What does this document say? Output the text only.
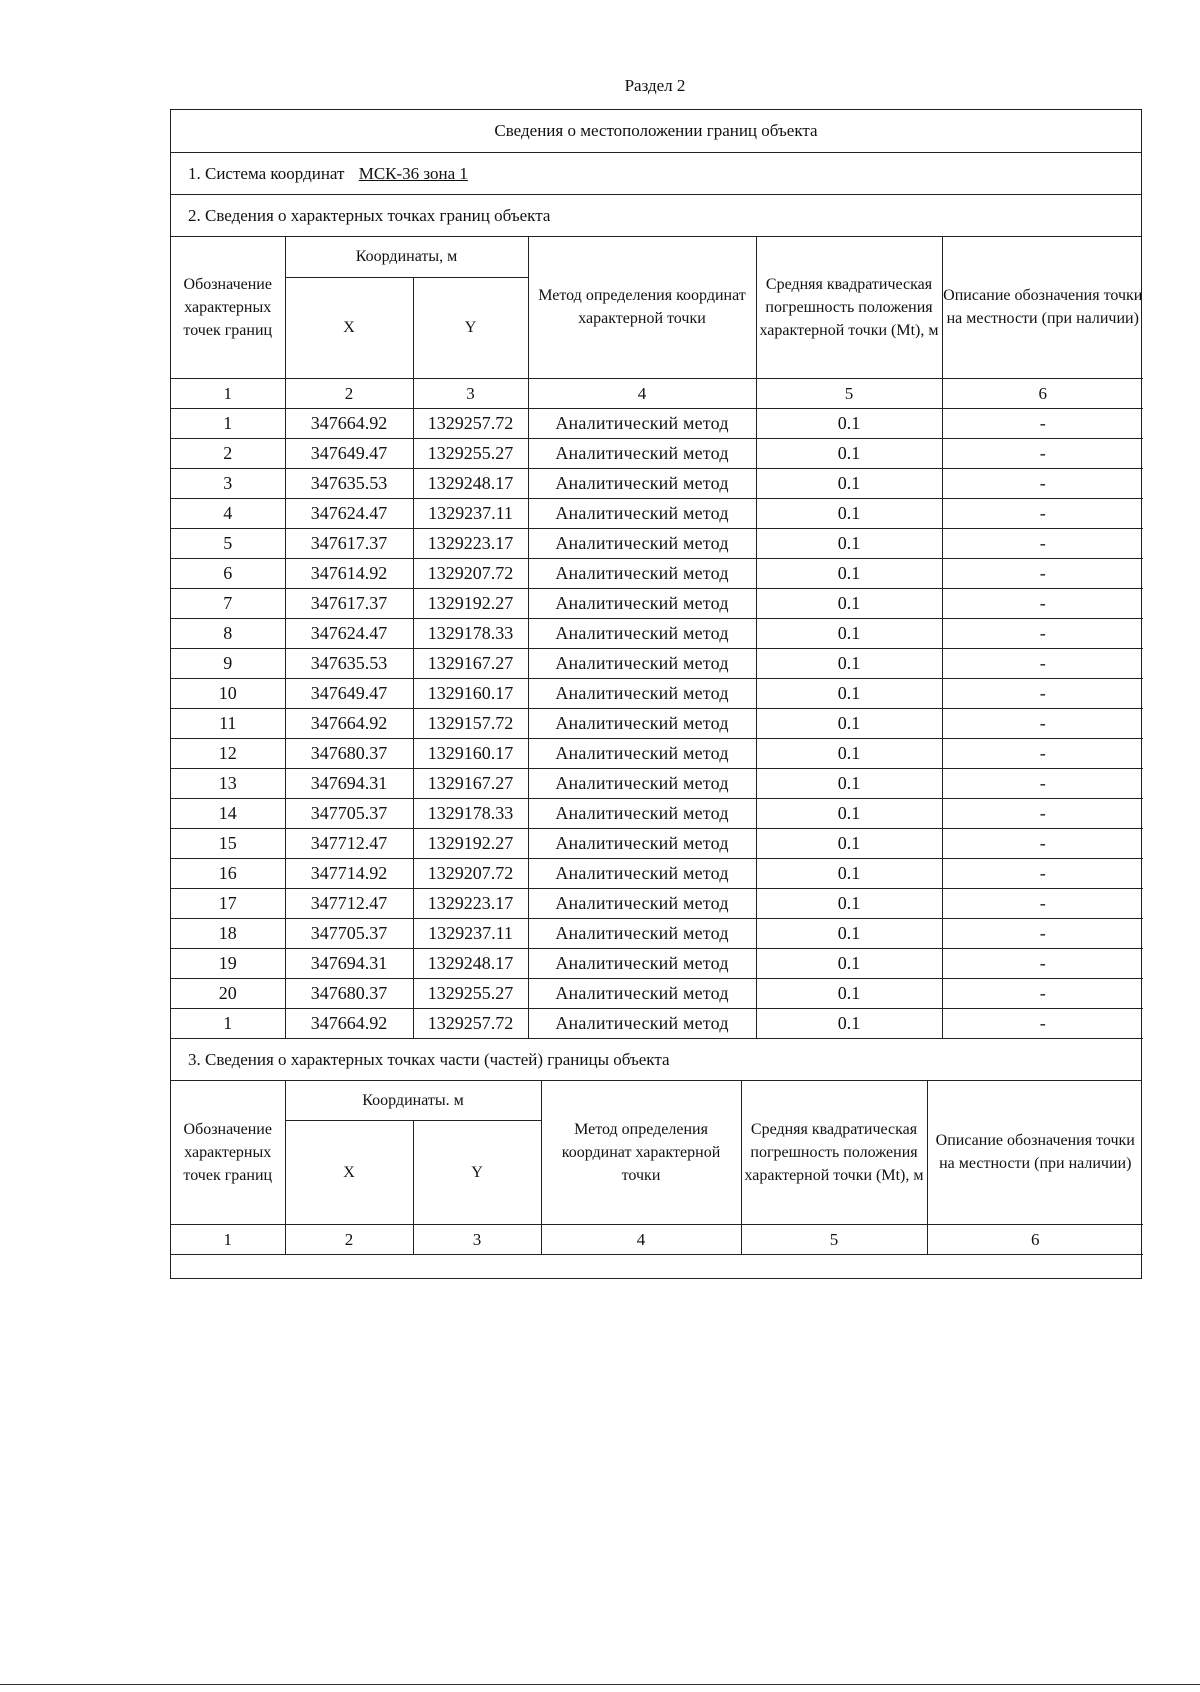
Раздел 2
Сведения о местоположении границ объекта
1. Система координат МСК-36 зона 1
2. Сведения о характерных точках границ объекта
Обозначение характерных точек границ	Координаты, м		Метод определения координат характерной точки	Средняя квадратическая погрешность положения характерной точки (Mt), м	Описание обозначения точки на местности (при наличии)
	X	Y			
1	2	3	4	5	6
1	347664.92	1329257.72	Аналитический метод	0.1	-
2	347649.47	1329255.27	Аналитический метод	0.1	-
3	347635.53	1329248.17	Аналитический метод	0.1	-
4	347624.47	1329237.11	Аналитический метод	0.1	-
5	347617.37	1329223.17	Аналитический метод	0.1	-
6	347614.92	1329207.72	Аналитический метод	0.1	-
7	347617.37	1329192.27	Аналитический метод	0.1	-
8	347624.47	1329178.33	Аналитический метод	0.1	-
9	347635.53	1329167.27	Аналитический метод	0.1	-
10	347649.47	1329160.17	Аналитический метод	0.1	-
11	347664.92	1329157.72	Аналитический метод	0.1	-
12	347680.37	1329160.17	Аналитический метод	0.1	-
13	347694.31	1329167.27	Аналитический метод	0.1	-
14	347705.37	1329178.33	Аналитический метод	0.1	-
15	347712.47	1329192.27	Аналитический метод	0.1	-
16	347714.92	1329207.72	Аналитический метод	0.1	-
17	347712.47	1329223.17	Аналитический метод	0.1	-
18	347705.37	1329237.11	Аналитический метод	0.1	-
19	347694.31	1329248.17	Аналитический метод	0.1	-
20	347680.37	1329255.27	Аналитический метод	0.1	-
1	347664.92	1329257.72	Аналитический метод	0.1	-
3. Сведения о характерных точках части (частей) границы объекта
Обозначение характерных точек границ	Координаты. м		Метод определения координат характерной точки	Средняя квадратическая погрешность положения характерной точки (Mt), м	Описание обозначения точки на местности (при наличии)
	X	Y			
1	2	3	4	5	6
